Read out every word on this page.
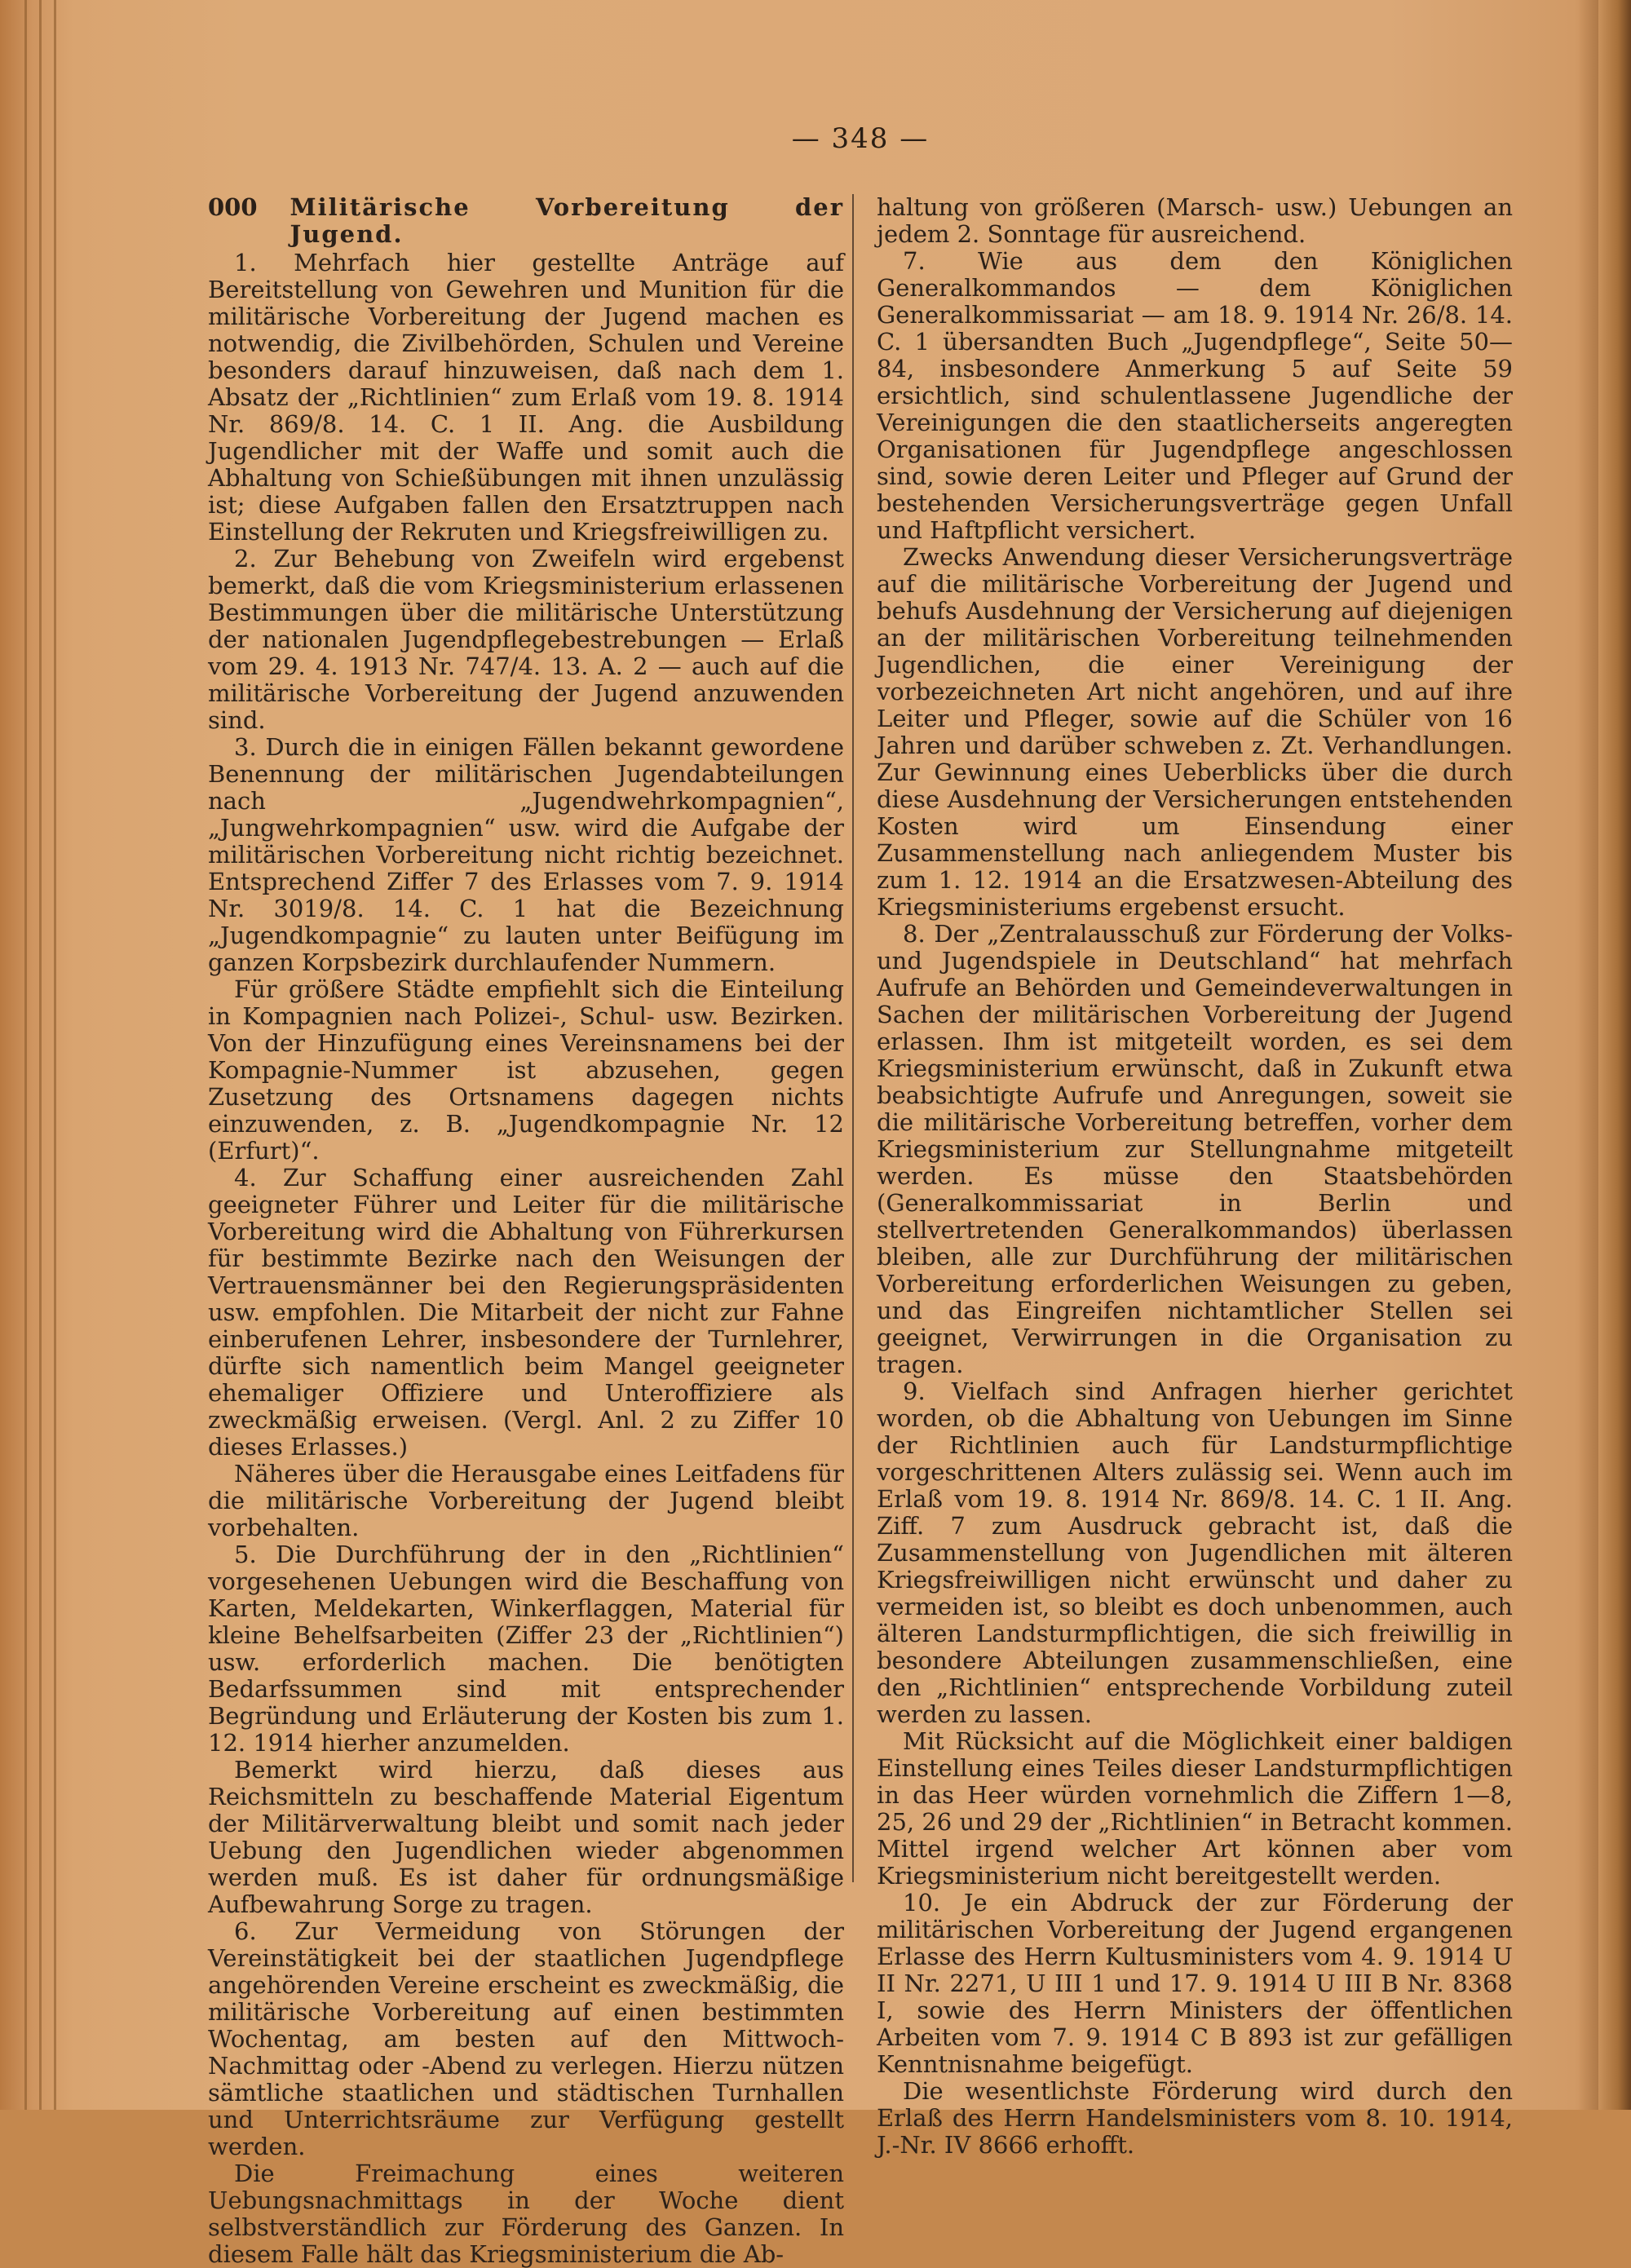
— 348 —
000 Militärische Vorbereitung der Jugend.

1. Mehrfach hier gestellte Anträge auf Bereitstellung von Gewehren und Munition für die militärische Vorbereitung der Jugend machen es notwendig, die Zivilbehörden, Schulen und Vereine besonders darauf hinzuweisen, daß nach dem 1. Absatz der „Richtlinien“ zum Erlaß vom 19. 8. 1914 Nr. 869/8. 14. C. 1 II. Ang. die Ausbildung Jugendlicher mit der Waffe und somit auch die Abhaltung von Schießübungen mit ihnen unzulässig ist; diese Aufgaben fallen den Ersatztruppen nach Einstellung der Rekruten und Kriegsfreiwilligen zu.

2. Zur Behebung von Zweifeln wird ergebenst bemerkt, daß die vom Kriegsministerium erlassenen Bestimmungen über die militärische Unterstützung der nationalen Jugendpflegebestrebungen — Erlaß vom 29. 4. 1913 Nr. 747/4. 13. A. 2 — auch auf die militärische Vorbereitung der Jugend anzuwenden sind.

3. Durch die in einigen Fällen bekannt gewordene Benennung der militärischen Jugendabteilungen nach „Jugendwehrkompagnien“, „Jungwehrkompagnien“ usw. wird die Aufgabe der militärischen Vorbereitung nicht richtig bezeichnet. Entsprechend Ziffer 7 des Erlasses vom 7. 9. 1914 Nr. 3019/8. 14. C. 1 hat die Bezeichnung „Jugendkompagnie“ zu lauten unter Beifügung im ganzen Korpsbezirk durchlaufender Nummern.

Für größere Städte empfiehlt sich die Einteilung in Kompagnien nach Polizei-, Schul- usw. Bezirken. Von der Hinzufügung eines Vereinsnamens bei der Kompagnie-Nummer ist abzusehen, gegen Zusetzung des Ortsnamens dagegen nichts einzuwenden, z. B. „Jugendkompagnie Nr. 12 (Erfurt)“.

4. Zur Schaffung einer ausreichenden Zahl geeigneter Führer und Leiter für die militärische Vorbereitung wird die Abhaltung von Führerkursen für bestimmte Bezirke nach den Weisungen der Vertrauensmänner bei den Regierungspräsidenten usw. empfohlen. Die Mitarbeit der nicht zur Fahne einberufenen Lehrer, insbesondere der Turnlehrer, dürfte sich namentlich beim Mangel geeigneter ehemaliger Offiziere und Unteroffiziere als zweckmäßig erweisen. (Vergl. Anl. 2 zu Ziffer 10 dieses Erlasses.)

Näheres über die Herausgabe eines Leitfadens für die militärische Vorbereitung der Jugend bleibt vorbehalten.

5. Die Durchführung der in den „Richtlinien“ vorgesehenen Uebungen wird die Beschaffung von Karten, Meldekarten, Winkerflaggen, Material für kleine Behelfsarbeiten (Ziffer 23 der „Richtlinien“) usw. erforderlich machen. Die benötigten Bedarfssummen sind mit entsprechender Begründung und Erläuterung der Kosten bis zum 1. 12. 1914 hierher anzumelden.

Bemerkt wird hierzu, daß dieses aus Reichsmitteln zu beschaffende Material Eigentum der Militärverwaltung bleibt und somit nach jeder Uebung den Jugendlichen wieder abgenommen werden muß. Es ist daher für ordnungsmäßige Aufbewahrung Sorge zu tragen.

6. Zur Vermeidung von Störungen der Vereinstätigkeit bei der staatlichen Jugendpflege angehörenden Vereine erscheint es zweckmäßig, die militärische Vorbereitung auf einen bestimmten Wochentag, am besten auf den Mittwoch-Nachmittag oder -Abend zu verlegen. Hierzu nützen sämtliche staatlichen und städtischen Turnhallen und Unterrichtsräume zur Verfügung gestellt werden.

Die Freimachung eines weiteren Uebungsnachmittags in der Woche dient selbstverständlich zur Förderung des Ganzen. In diesem Falle hält das Kriegsministerium die Ab-

haltung von größeren (Marsch- usw.) Uebungen an jedem 2. Sonntage für ausreichend.

7. Wie aus dem den Königlichen Generalkommandos — dem Königlichen Generalkommissariat — am 18. 9. 1914 Nr. 26/8. 14. C. 1 übersandten Buch „Jugendpflege“, Seite 50—84, insbesondere Anmerkung 5 auf Seite 59 ersichtlich, sind schulentlassene Jugendliche der Vereinigungen die den staatlicherseits angeregten Organisationen für Jugendpflege angeschlossen sind, sowie deren Leiter und Pfleger auf Grund der bestehenden Versicherungsverträge gegen Unfall und Haftpflicht versichert.

Zwecks Anwendung dieser Versicherungsverträge auf die militärische Vorbereitung der Jugend und behufs Ausdehnung der Versicherung auf diejenigen an der militärischen Vorbereitung teilnehmenden Jugendlichen, die einer Vereinigung der vorbezeichneten Art nicht angehören, und auf ihre Leiter und Pfleger, sowie auf die Schüler von 16 Jahren und darüber schweben z. Zt. Verhandlungen. Zur Gewinnung eines Ueberblicks über die durch diese Ausdehnung der Versicherungen entstehenden Kosten wird um Einsendung einer Zusammenstellung nach anliegendem Muster bis zum 1. 12. 1914 an die Ersatzwesen-Abteilung des Kriegsministeriums ergebenst ersucht.

8. Der „Zentralausschuß zur Förderung der Volks- und Jugendspiele in Deutschland“ hat mehrfach Aufrufe an Behörden und Gemeindeverwaltungen in Sachen der militärischen Vorbereitung der Jugend erlassen. Ihm ist mitgeteilt worden, es sei dem Kriegsministerium erwünscht, daß in Zukunft etwa beabsichtigte Aufrufe und Anregungen, soweit sie die militärische Vorbereitung betreffen, vorher dem Kriegsministerium zur Stellungnahme mitgeteilt werden. Es müsse den Staatsbehörden (Generalkommissariat in Berlin und stellvertretenden Generalkommandos) überlassen bleiben, alle zur Durchführung der militärischen Vorbereitung erforderlichen Weisungen zu geben, und das Eingreifen nichtamtlicher Stellen sei geeignet, Verwirrungen in die Organisation zu tragen.

9. Vielfach sind Anfragen hierher gerichtet worden, ob die Abhaltung von Uebungen im Sinne der Richtlinien auch für Landsturmpflichtige vorgeschrittenen Alters zulässig sei. Wenn auch im Erlaß vom 19. 8. 1914 Nr. 869/8. 14. C. 1 II. Ang. Ziff. 7 zum Ausdruck gebracht ist, daß die Zusammenstellung von Jugendlichen mit älteren Kriegsfreiwilligen nicht erwünscht und daher zu vermeiden ist, so bleibt es doch unbenommen, auch älteren Landsturmpflichtigen, die sich freiwillig in besondere Abteilungen zusammenschließen, eine den „Richtlinien“ entsprechende Vorbildung zuteil werden zu lassen.

Mit Rücksicht auf die Möglichkeit einer baldigen Einstellung eines Teiles dieser Landsturmpflichtigen in das Heer würden vornehmlich die Ziffern 1—8, 25, 26 und 29 der „Richtlinien“ in Betracht kommen. Mittel irgend welcher Art können aber vom Kriegsministerium nicht bereitgestellt werden.

10. Je ein Abdruck der zur Förderung der militärischen Vorbereitung der Jugend ergangenen Erlasse des Herrn Kultusministers vom 4. 9. 1914 U II Nr. 2271, U III 1 und 17. 9. 1914 U III B Nr. 8368 I, sowie des Herrn Ministers der öffentlichen Arbeiten vom 7. 9. 1914 C B 893 ist zur gefälligen Kenntnisnahme beigefügt.

Die wesentlichste Förderung wird durch den Erlaß des Herrn Handelsministers vom 8. 10. 1914, J.-Nr. IV 8666 erhofft.
